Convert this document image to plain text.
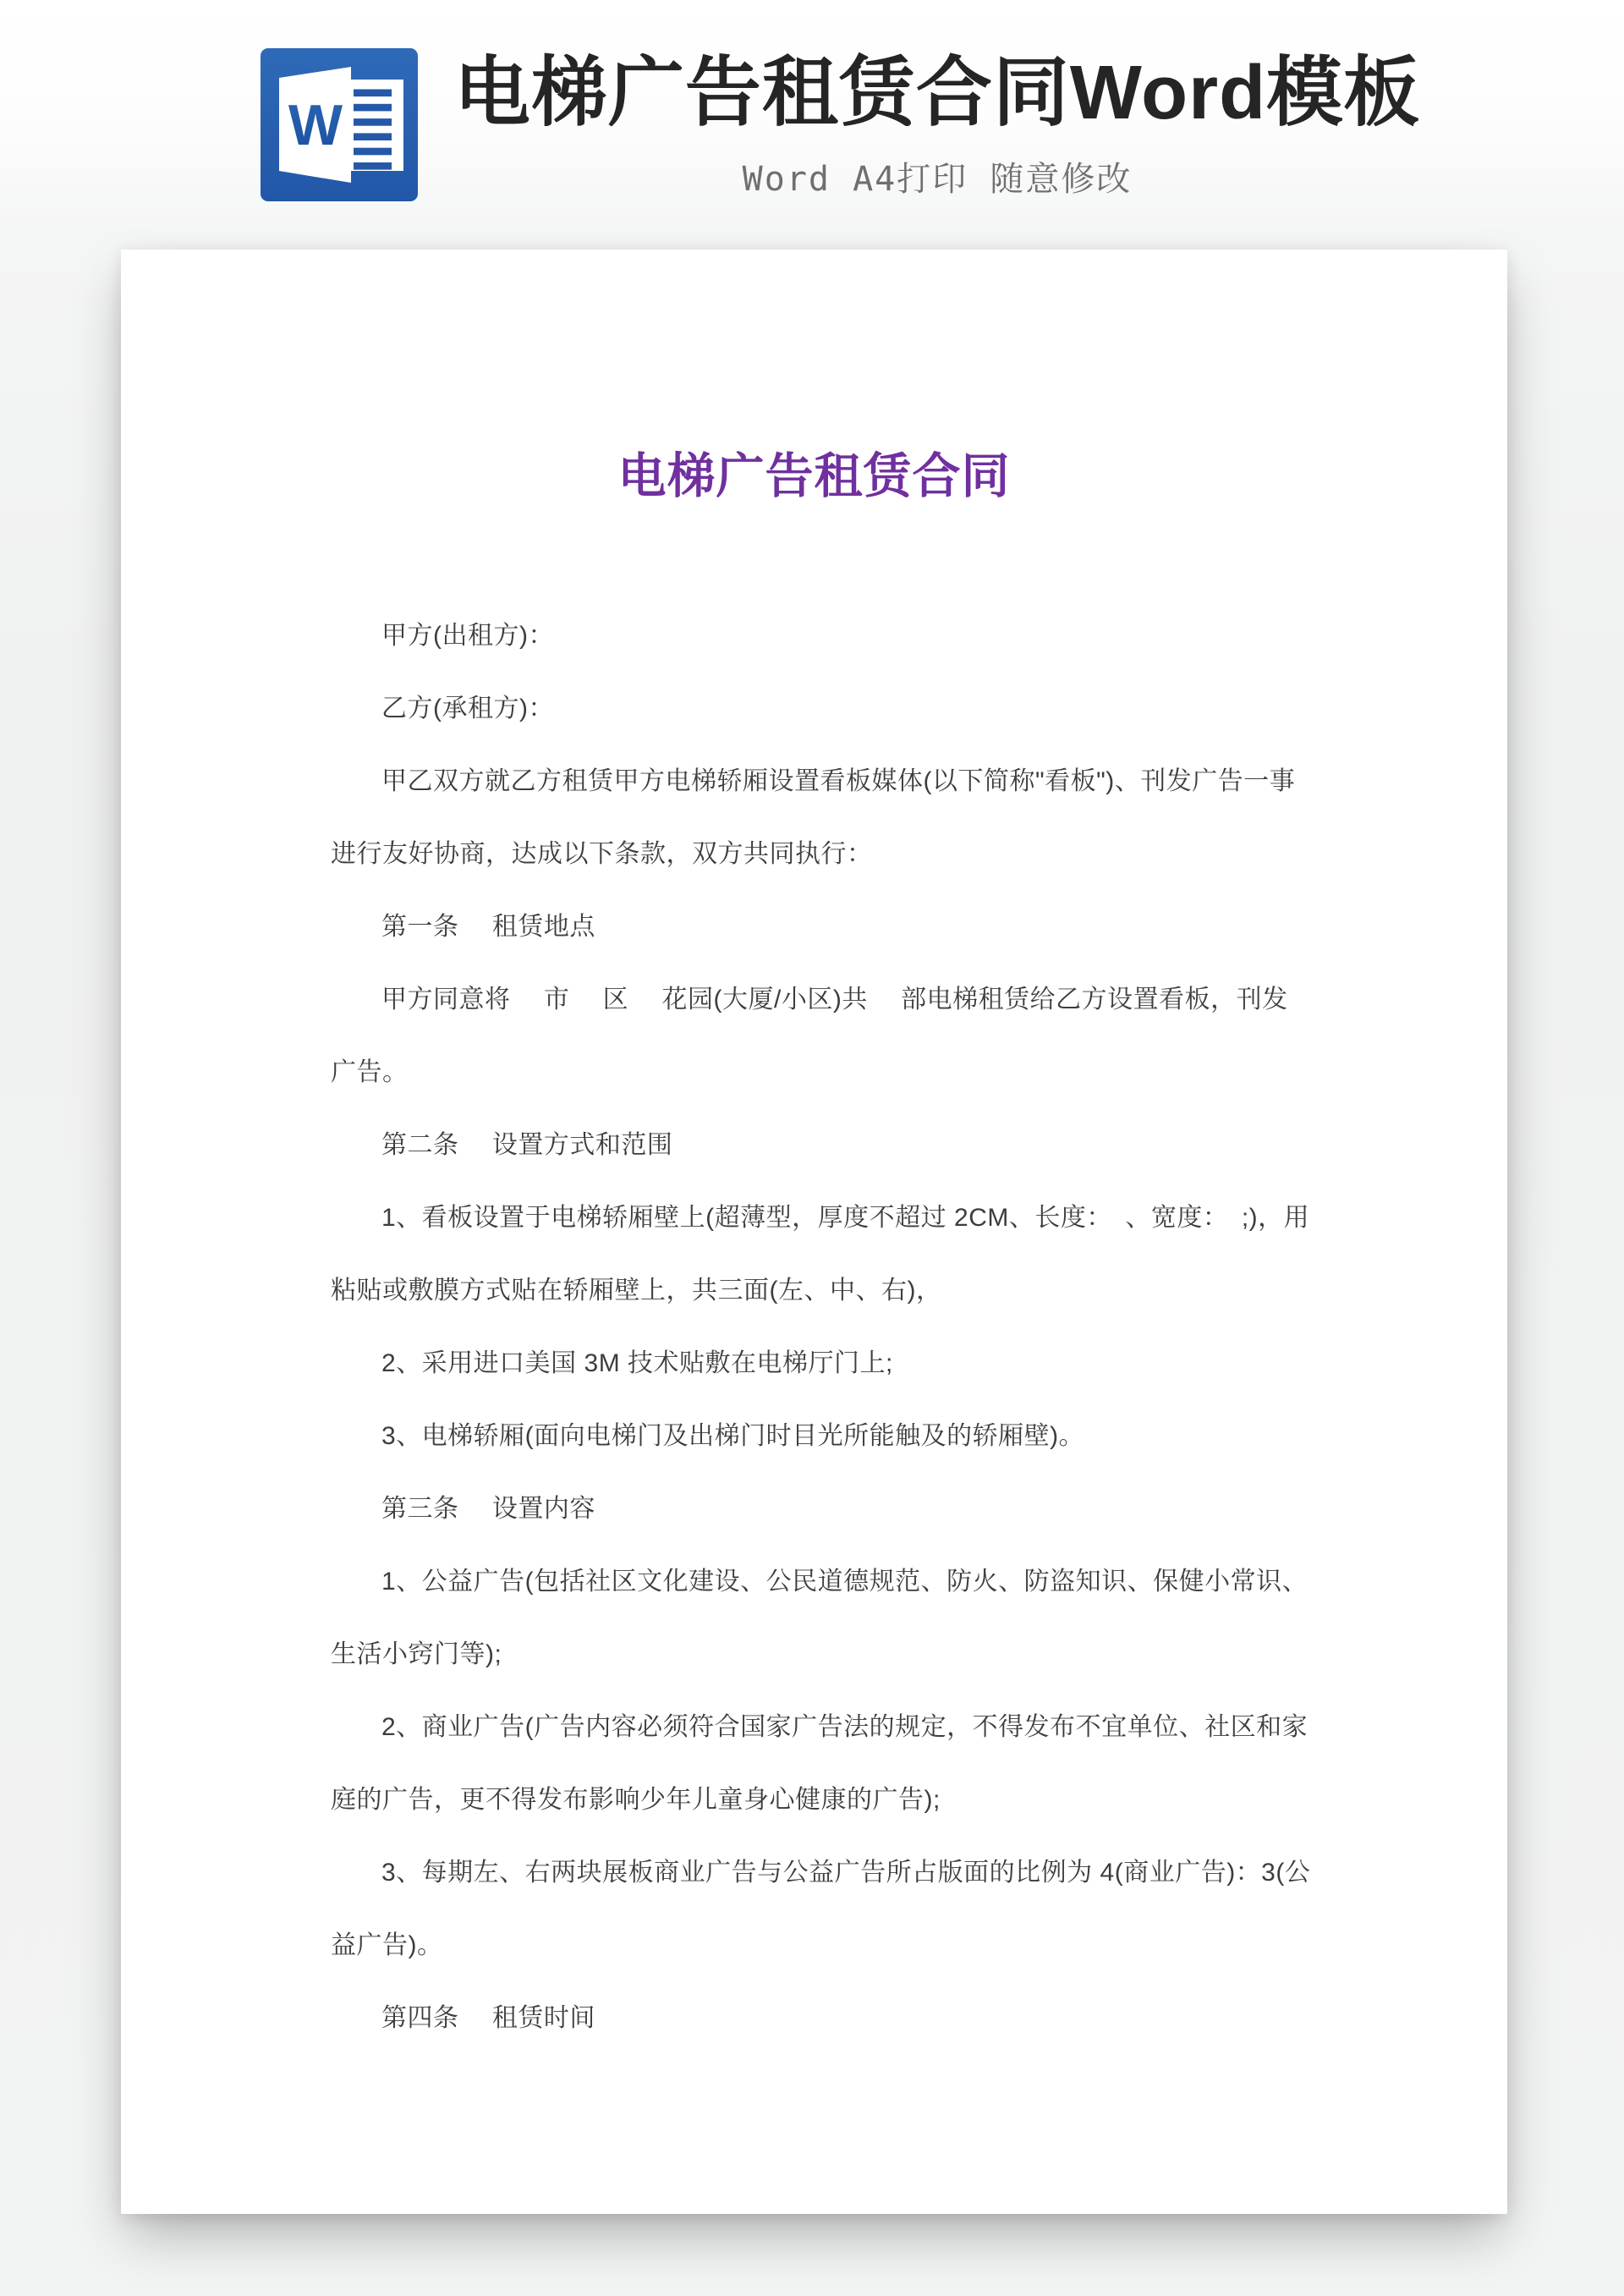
W 电梯广告租赁合同Word模板
Word A4打印 随意修改
电梯广告租赁合同
甲方(出租方)：
乙方(承租方)：
甲乙双方就乙方租赁甲方电梯轿厢设置看板媒体(以下简称"看板")、刊发广告一事
进行友好协商，达成以下条款，双方共同执行：
第一条　 租赁地点
甲方同意将　 市　 区　 花园(大厦/小区)共　 部电梯租赁给乙方设置看板，刊发
广告。
第二条　 设置方式和范围
1、看板设置于电梯轿厢壁上(超薄型，厚度不超过 2CM、长度：　、宽度：　;)，用
粘贴或敷膜方式贴在轿厢壁上，共三面(左、中、右)，
2、采用进口美国 3M 技术贴敷在电梯厅门上;
3、电梯轿厢(面向电梯门及出梯门时目光所能触及的轿厢壁)。
第三条　 设置内容
1、公益广告(包括社区文化建设、公民道德规范、防火、防盗知识、保健小常识、
生活小窍门等);
2、商业广告(广告内容必须符合国家广告法的规定，不得发布不宜单位、社区和家
庭的广告，更不得发布影响少年儿童身心健康的广告);
3、每期左、右两块展板商业广告与公益广告所占版面的比例为 4(商业广告)：3(公
益广告)。
第四条　 租赁时间
